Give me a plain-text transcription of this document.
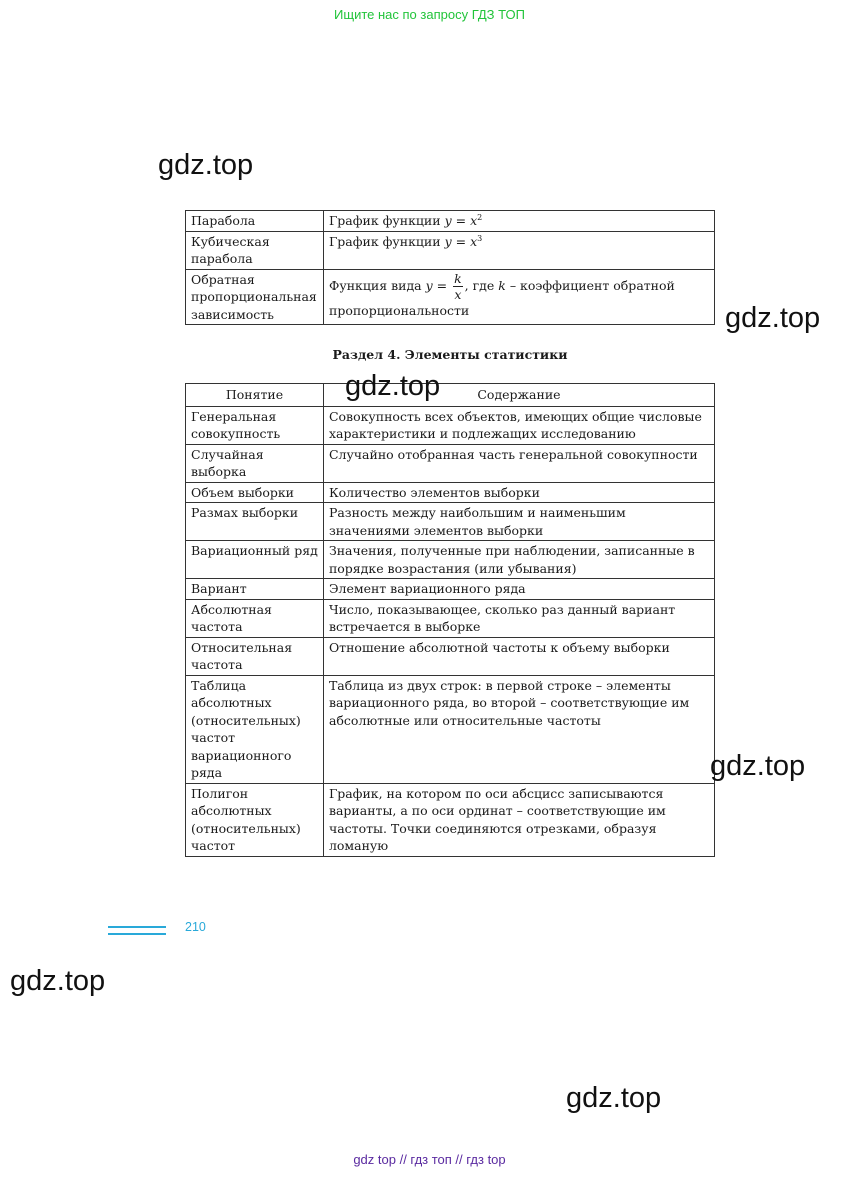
Ищите нас по запросу ГДЗ ТОП
gdz.top
gdz.top
gdz.top
gdz.top
gdz.top
gdz.top
Парабола	График функции $y = x^2$
Кубическая парабола	График функции $y = x^3$
Обратная пропорциональная зависимость	Функция вида $y = \frac{k}{x}$ , где k – коэффициент обратной пропорциональности
Раздел 4. Элементы статистики
Понятие	Содержание
Генеральная совокупность	Совокупность всех объектов, имеющих общие числовые характеристики и подлежащих исследованию
Случайная выборка	Случайно отобранная часть генеральной совокупности
Объем выборки	Количество элементов выборки
Размах выборки	Разность между наибольшим и наименьшим значениями элементов выборки
Вариационный ряд	Значения, полученные при наблюдении, записанные в порядке возрастания (или убывания)
Вариант	Элемент вариационного ряда
Абсолютная частота	Число, показывающее, сколько раз данный вариант встречается в выборке
Относительная частота	Отношение абсолютной частоты к объему выборки
Таблица абсолютных (относительных) частот вариационного ряда	Таблица из двух строк: в первой строке – элементы вариационного ряда, во второй – соответствующие им абсолютные или относительные частоты
Полигон абсолютных (относительных) частот	График, на котором по оси абсцисс записываются варианты, а по оси ординат – соответствующие им частоты. Точки соединяются отрезками, образуя ломаную
210
gdz top // гдз топ // гдз top
